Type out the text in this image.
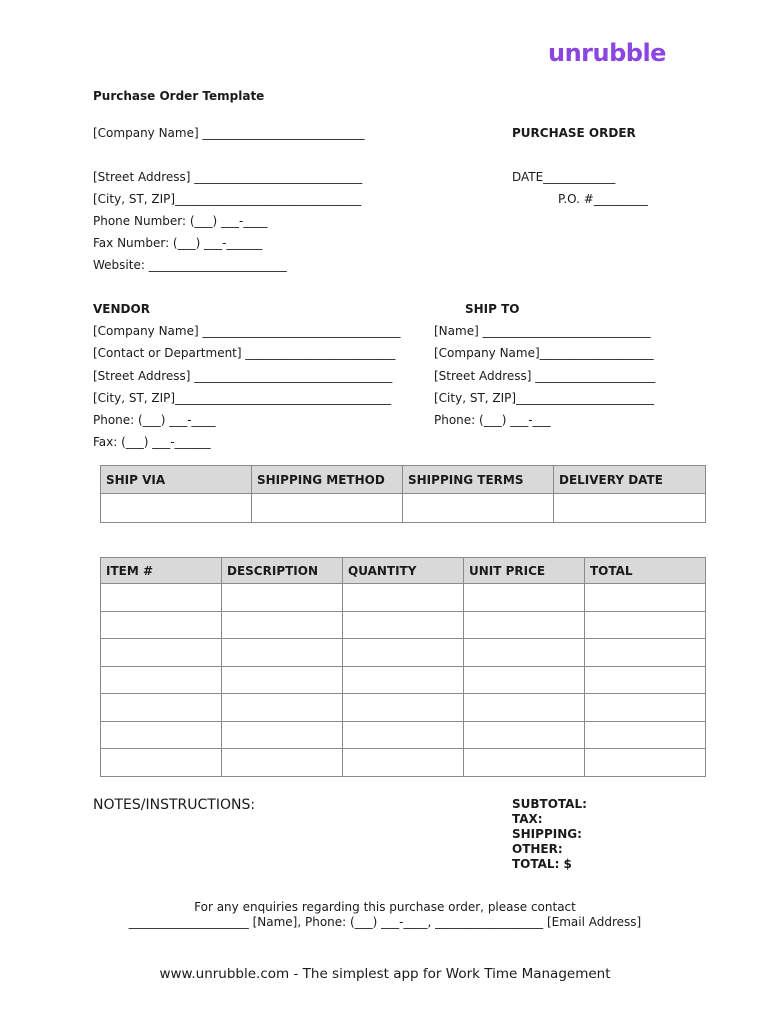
unrubble
Purchase Order Template
[Company Name] ___________________________
[Street Address] ____________________________
[City, ST, ZIP]_______________________________
Phone Number: (___) ___-____
Fax Number: (___) ___-______
Website: _______________________
PURCHASE ORDER
DATE____________
P.O. #_________
VENDOR
[Company Name] _________________________________
[Contact or Department] _________________________
[Street Address] _________________________________
[City, ST, ZIP]____________________________________
Phone: (___) ___-____
Fax: (___) ___-______
SHIP TO
[Name] ____________________________
[Company Name]___________________
[Street Address] ____________________
[City, ST, ZIP]_______________________
Phone: (___) ___-___
SHIP VIA	SHIPPING METHOD	SHIPPING TERMS	DELIVERY DATE

ITEM #	DESCRIPTION	QUANTITY	UNIT PRICE	TOTAL

NOTES/INSTRUCTIONS:	SUBTOTAL:
TAX:
SHIPPING:
OTHER:
TOTAL: $
For any enquiries regarding this purchase order, please contact
____________________ [Name], Phone: (___) ___-____, __________________ [Email Address]
www.unrubble.com - The simplest app for Work Time Management
